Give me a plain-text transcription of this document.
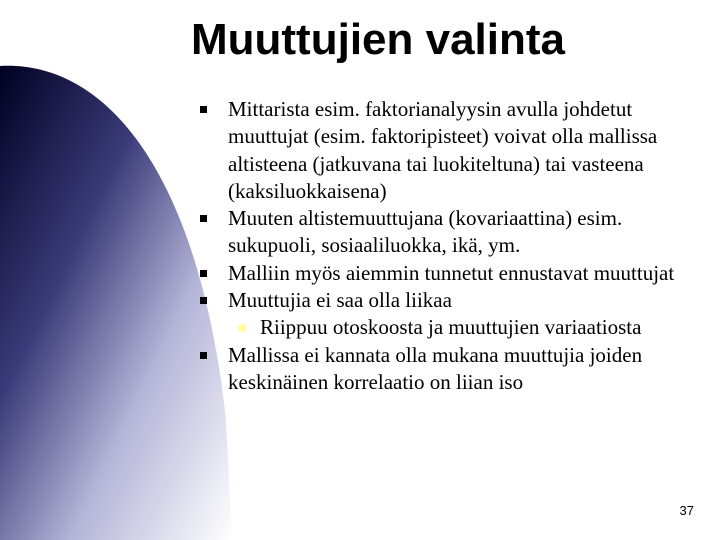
Muuttujien valinta

Mittarista esim. faktorianalyysin avulla johdetut muuttujat (esim. faktoripisteet) voivat olla mallissa altisteena (jatkuvana tai luokiteltuna) tai vasteena (kaksiluokkaisena)

Muuten altistemuuttujana (kovariaattina) esim. sukupuoli, sosiaaliluokka, ikä, ym.

Malliin myös aiemmin tunnetut ennustavat muuttujat

Muuttujia ei saa olla liikaa

Riippuu otoskoosta ja muuttujien variaatiosta

Mallissa ei kannata olla mukana muuttujia joiden keskinäinen korrelaatio on liian iso

37
